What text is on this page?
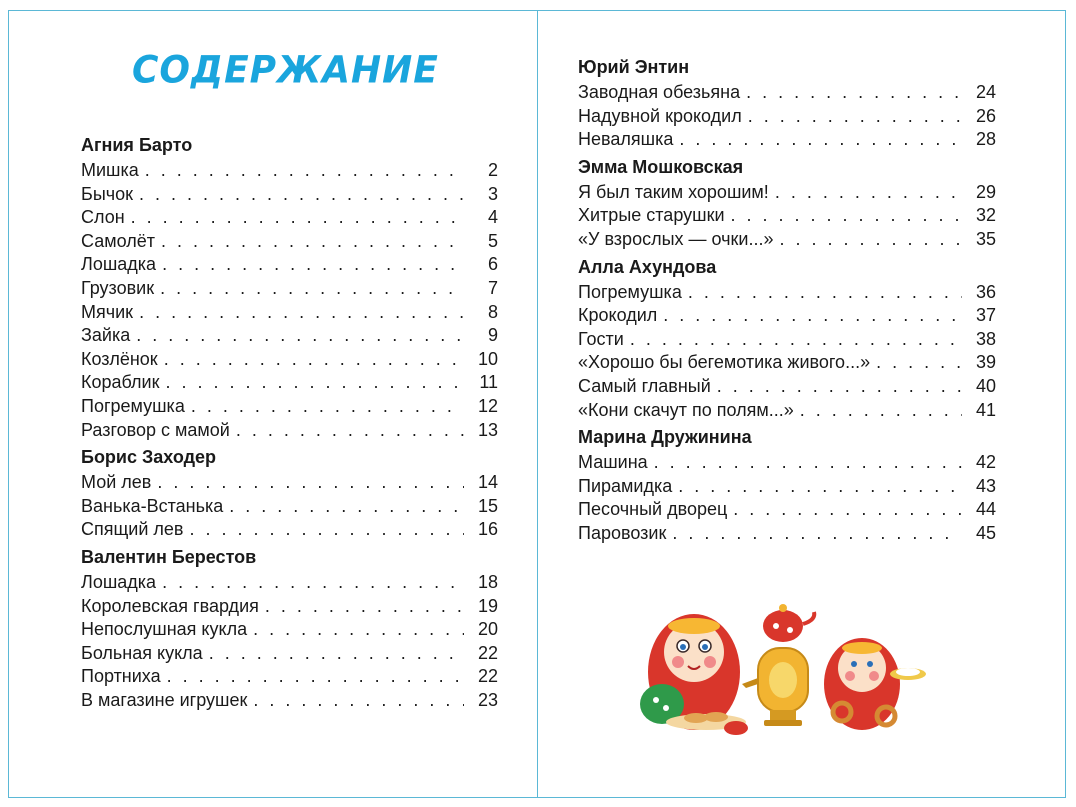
СОДЕРЖАНИЕ
Агния Барто
Мишка . . .	2
Бычок . . .	3
Слон . . .	4
Самолёт . . .	5
Лошадка . . .	6
Грузовик . . .	7
Мячик . . .	8
Зайка . . .	9
Козлёнок . . .	10
Кораблик . . .	11
Погремушка . . .	12
Разговор с мамой . . .	13
Борис Заходер
Мой лев . . .	14
Ванька-Встанька . . .	15
Спящий лев . . .	16
Валентин Берестов
Лошадка . . .	18
Королевская гвардия . . .	19
Непослушная кукла . . .	20
Больная кукла . . .	22
Портниха . . .	22
В магазине игрушек . . .	23
Юрий Энтин
Заводная обезьяна . . .	24
Надувной крокодил . . .	26
Неваляшка . . .	28
Эмма Мошковская
Я был таким хорошим! . . .	29
Хитрые старушки . . .	32
«У взрослых — очки...» . . .	35
Алла Ахундова
Погремушка . . .	36
Крокодил . . .	37
Гости . . .	38
«Хорошо бы бегемотика живого...» . . .	39
Самый главный . . .	40
«Кони скачут по полям...» . . .	41
Марина Дружинина
Машина . . .	42
Пирамидка . . .	43
Песочный дворец . . .	44
Паровозик . . .	45
